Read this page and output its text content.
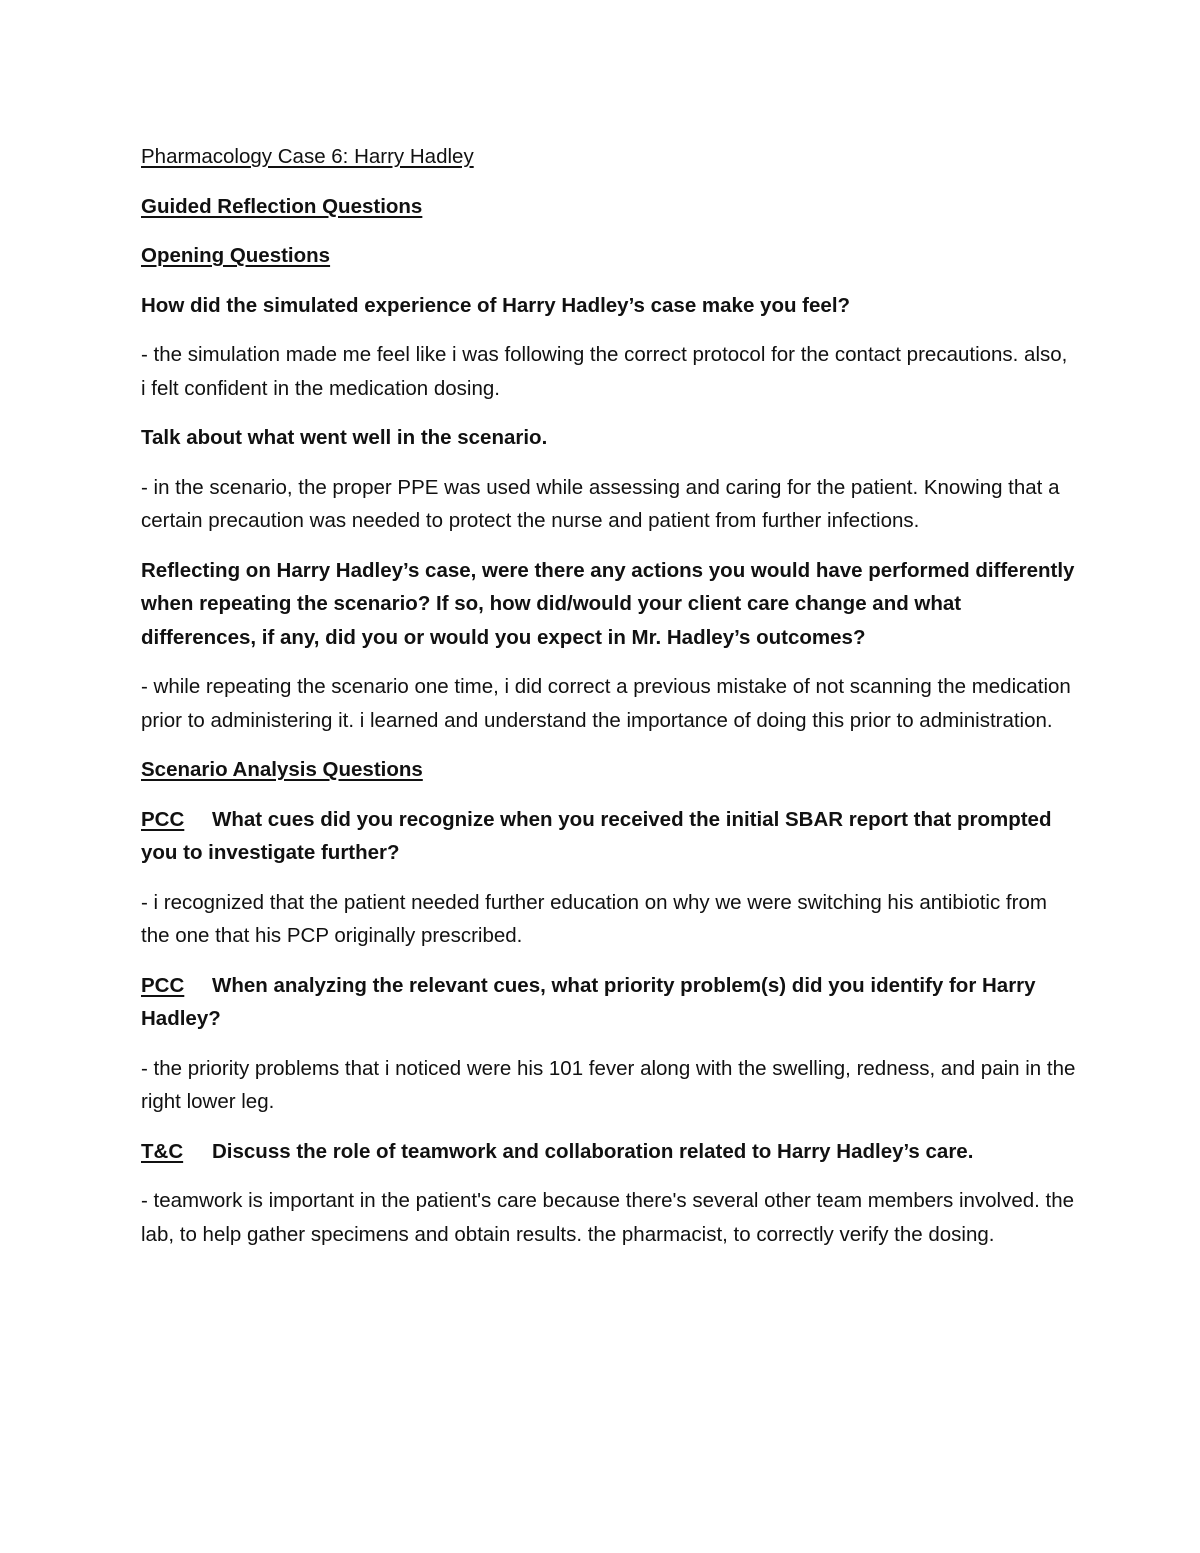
Pharmacology Case 6: Harry Hadley

Guided Reflection Questions

Opening Questions

How did the simulated experience of Harry Hadley’s case make you feel?

- the simulation made me feel like i was following the correct protocol for the contact precautions. also, i felt confident in the medication dosing.

Talk about what went well in the scenario.

- in the scenario, the proper PPE was used while assessing and caring for the patient. Knowing that a certain precaution was needed to protect the nurse and patient from further infections.

Reflecting on Harry Hadley’s case, were there any actions you would have performed differently when repeating the scenario? If so, how did/would your client care change and what differences, if any, did you or would you expect in Mr. Hadley’s outcomes?

- while repeating the scenario one time, i did correct a previous mistake of not scanning the medication prior to administering it. i learned and understand the importance of doing this prior to administration.

Scenario Analysis Questions

PCC What cues did you recognize when you received the initial SBAR report that prompted you to investigate further?

- i recognized that the patient needed further education on why we were switching his antibiotic from the one that his PCP originally prescribed.

PCC When analyzing the relevant cues, what priority problem(s) did you identify for Harry Hadley?

- the priority problems that i noticed were his 101 fever along with the swelling, redness, and pain in the right lower leg.

T&C Discuss the role of teamwork and collaboration related to Harry Hadley’s care.

- teamwork is important in the patient's care because there's several other team members involved. the lab, to help gather specimens and obtain results. the pharmacist, to correctly verify the dosing.
